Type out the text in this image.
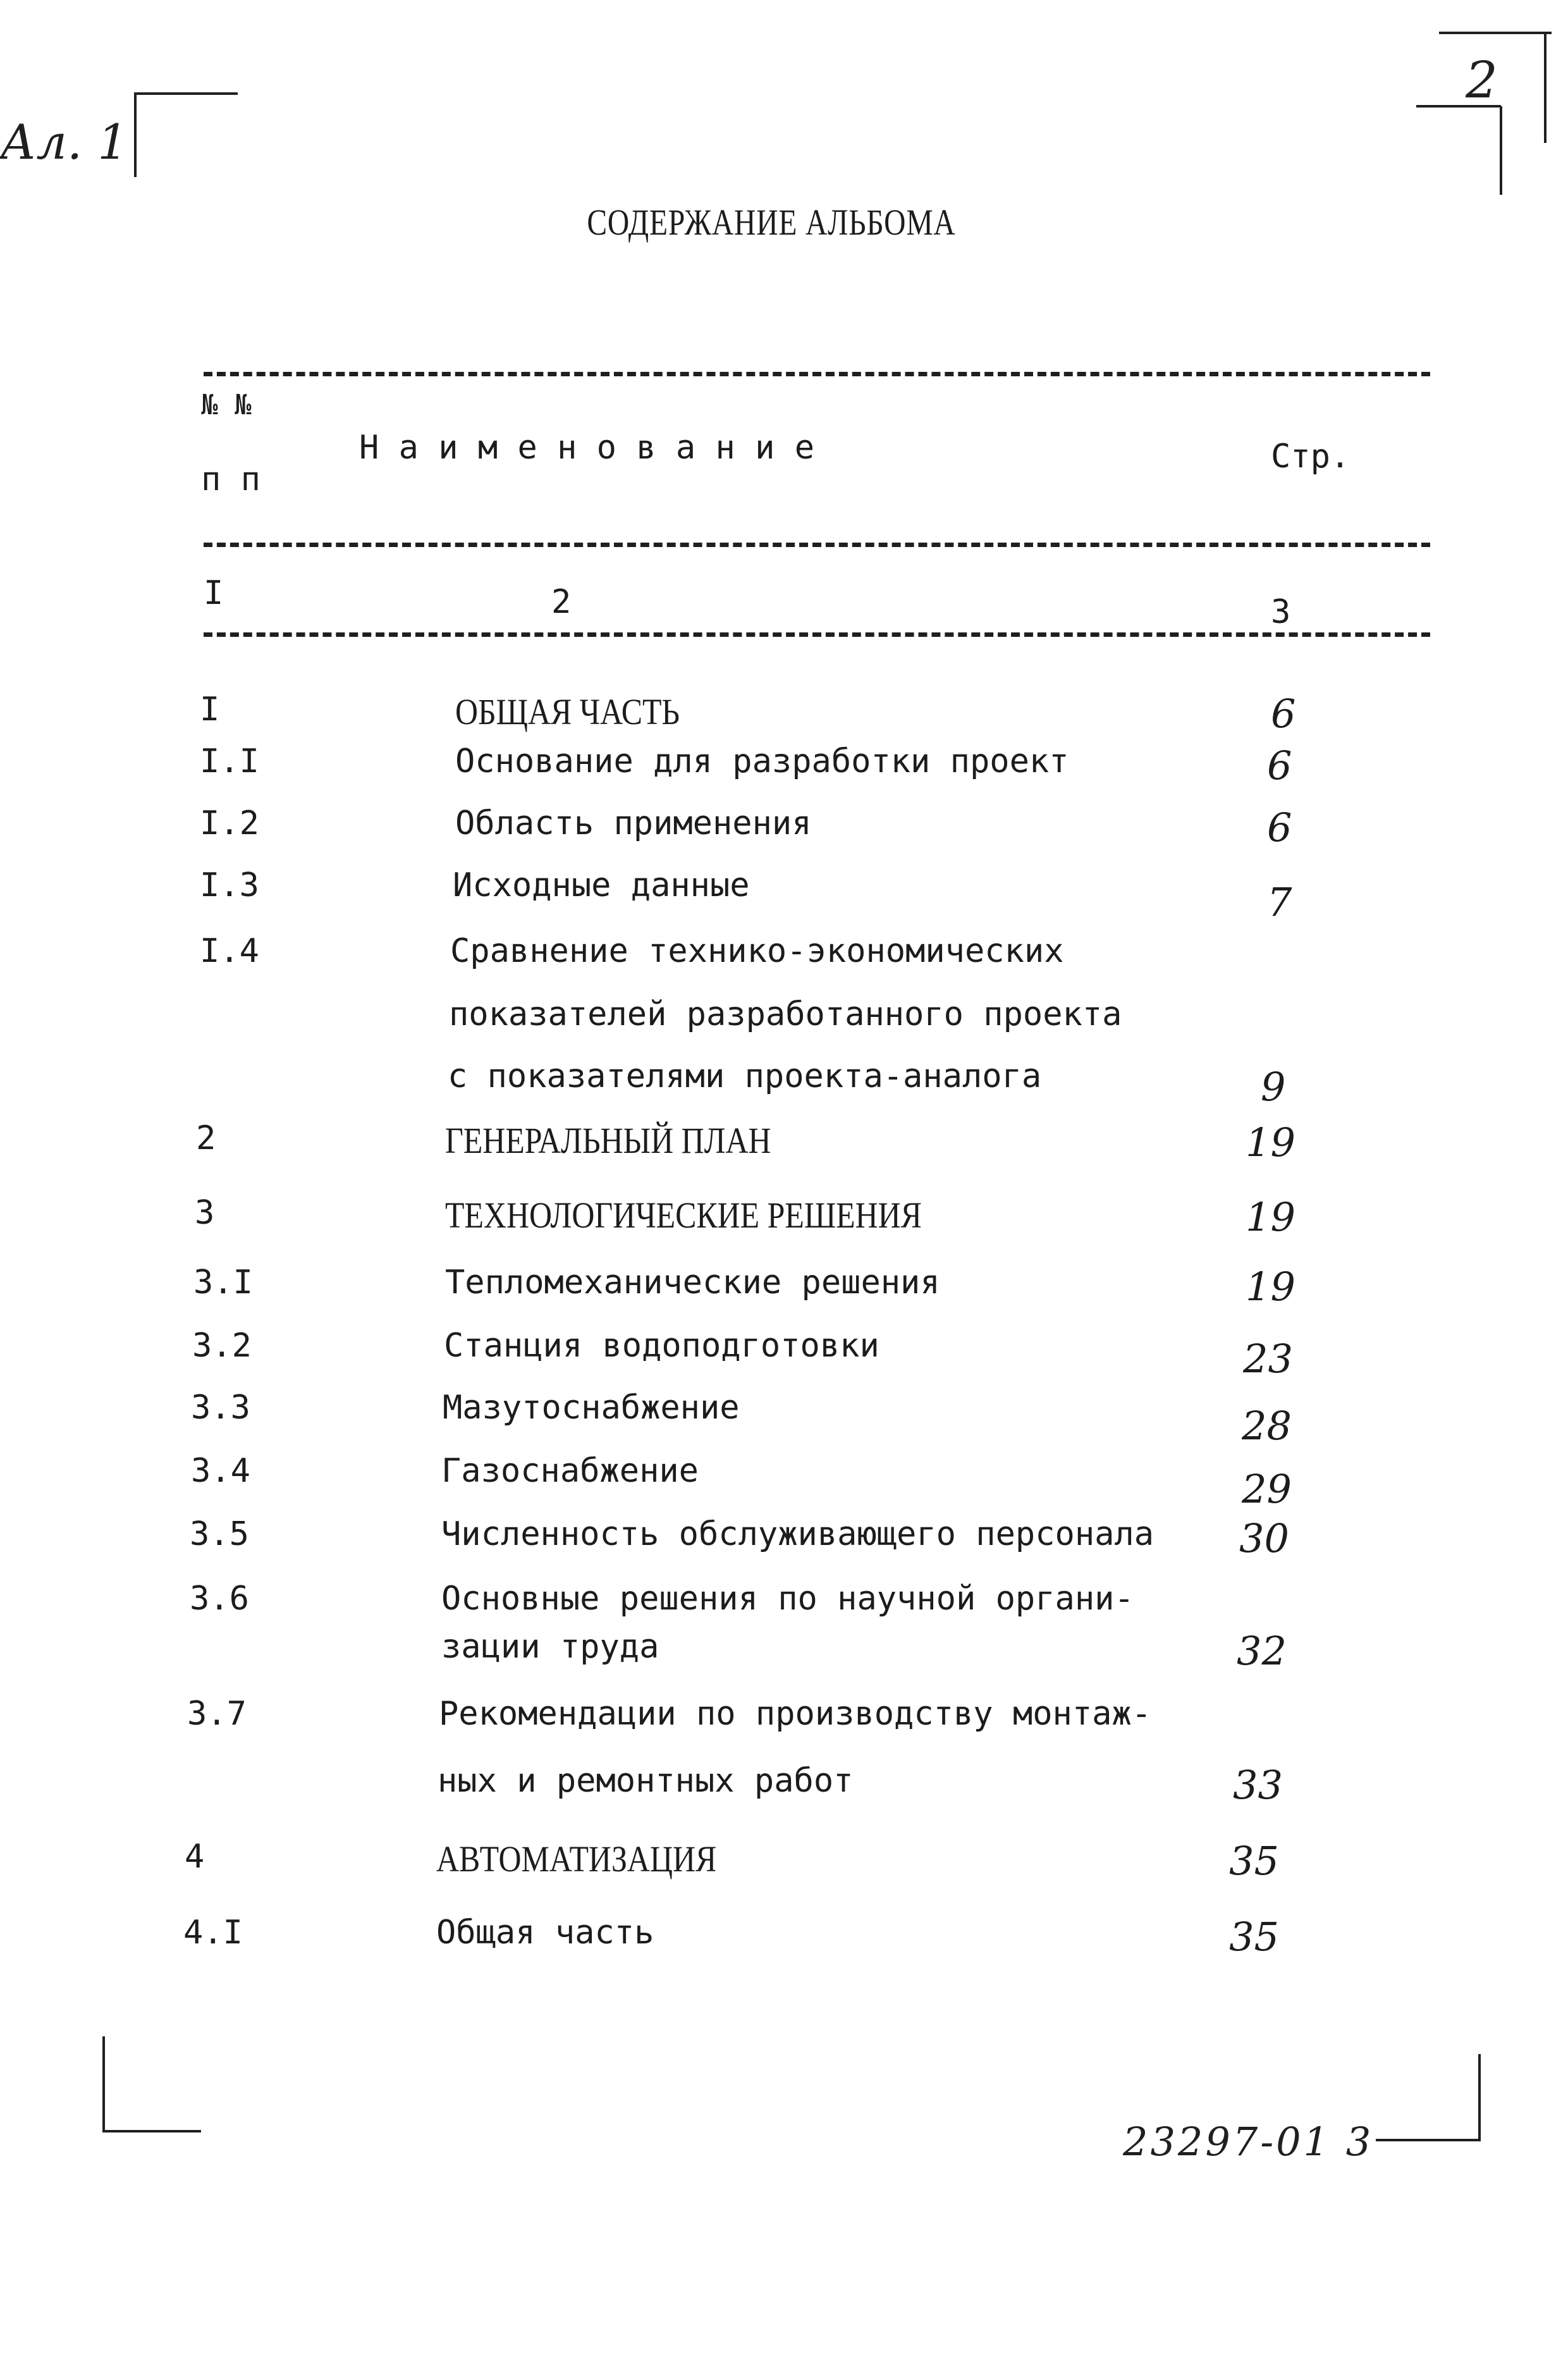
Ал. 1
2
СОДЕРЖАНИЕ АЛЬБОМА
№ №
п п
Н а и м е н о в а н и е	Стр.
I	2	3
I	ОБЩАЯ ЧАСТЬ	6
I.I	Основание для разработки проект	6
I.2	Область применения	6
I.3	Исходные данные	7
I.4	Сравнение технико-экономических
показателей разработанного проекта
с показателями проекта-аналога	9
2	ГЕНЕРАЛЬНЫЙ ПЛАН	19
3	ТЕХНОЛОГИЧЕСКИЕ РЕШЕНИЯ	19
3.I	Тепломеханические решения	19
3.2	Станция водоподготовки	23
3.3	Мазутоснабжение	28
3.4	Газоснабжение	29
3.5	Численность обслуживающего персонала 30
3.6	Основные решения по научной органи-
зации труда	32
3.7	Рекомендации по производству монтаж-
ных и ремонтных работ	33
4	АВТОМАТИЗАЦИЯ	35
4.I	Общая часть	35
23297-01 3
